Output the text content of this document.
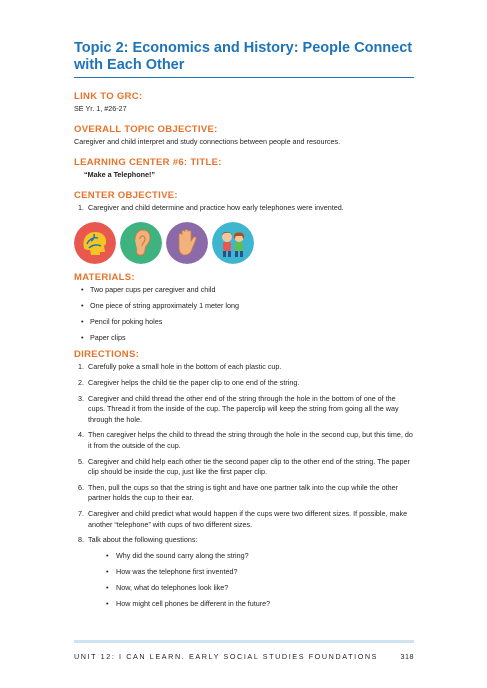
Topic 2: Economics and History: People Connect with Each Other
LINK TO GRC:
SE Yr. 1, #26-27
OVERALL TOPIC OBJECTIVE:
Caregiver and child interpret and study connections between people and resources.
LEARNING CENTER #6: TITLE:
“Make a Telephone!”
CENTER OBJECTIVE:
1. Caregiver and child determine and practice how early telephones were invented.
MATERIALS:
• Two paper cups per caregiver and child
• One piece of string approximately 1 meter long
• Pencil for poking holes
• Paper clips
DIRECTIONS:
1. Carefully poke a small hole in the bottom of each plastic cup.
2. Caregiver helps the child tie the paper clip to one end of the string.
3. Caregiver and child thread the other end of the string through the hole in the bottom of one of the cups. Thread it from the inside of the cup. The paperclip will keep the string from going all the way through the hole.
4. Then caregiver helps the child to thread the string through the hole in the second cup, but this time, do it from the outside of the cup.
5. Caregiver and child help each other tie the second paper clip to the other end of the string. The paper clip should be inside the cup, just like the first paper clip.
6. Then, pull the cups so that the string is tight and have one partner talk into the cup while the other partner holds the cup to their ear.
7. Caregiver and child predict what would happen if the cups were two different sizes. If possible, make another “telephone” with cups of two different sizes.
8. Talk about the following questions:
• Why did the sound carry along the string?
• How was the telephone first invented?
• Now, what do telephones look like?
• How might cell phones be different in the future?
UNIT 12: I CAN LEARN. EARLY SOCIAL STUDIES FOUNDATIONS	318
